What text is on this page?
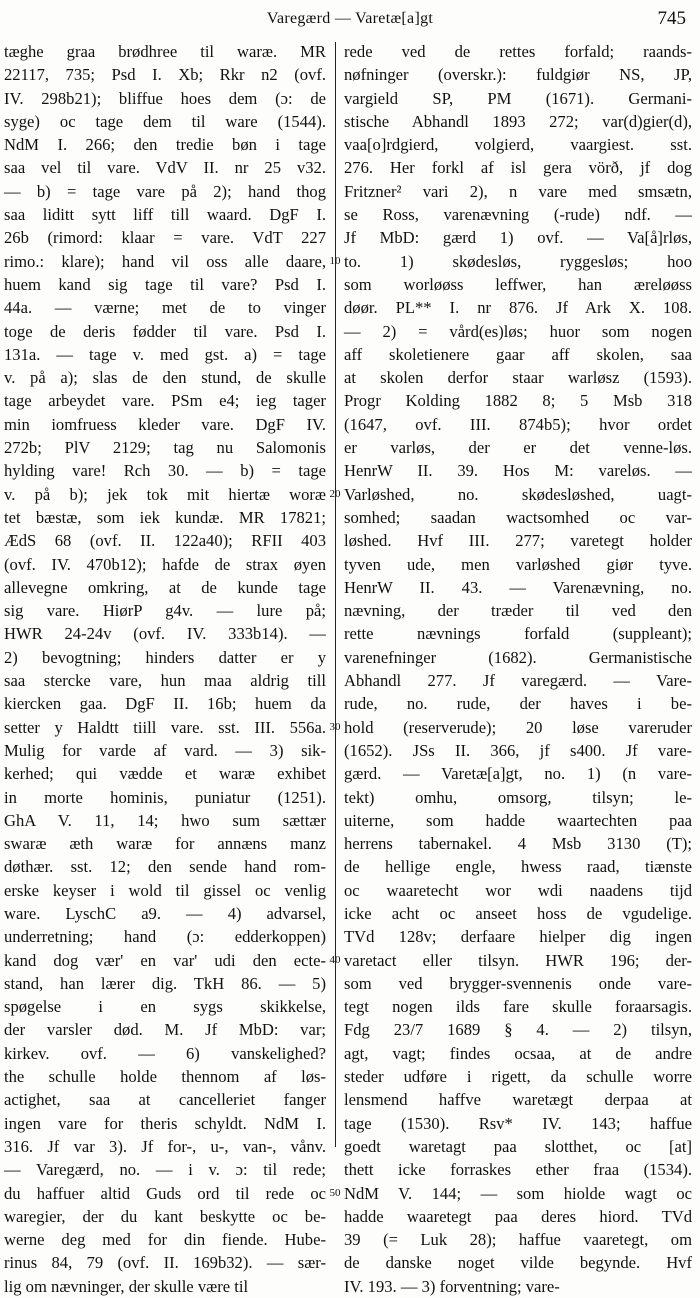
Varegærd — Varetæ[a]gt	745
tæghe graa brødhree til waræ. MR
22117, 735; Psd I. Xb; Rkr n2 (ovf.
IV. 298b21); bliffue hoes dem (ɔ: de
syge) oc tage dem til ware (1544).
NdM I. 266; den tredie bøn i tage
saa vel til vare. VdV II. nr 25 v32.
— b) = tage vare på 2); hand thog
saa liditt sytt liff till waard. DgF I.
26b (rimord: klaar = vare. VdT 227
rimo.: klare); hand vil oss alle daare,
huem kand sig tage til vare? Psd I.
44a. — værne; met de to vinger
toge de deris fødder til vare. Psd I.
131a. — tage v. med gst. a) = tage
v. på a); slas de den stund, de skulle
tage arbeydet vare. PSm e4; ieg tager
min iomfruess kleder vare. DgF IV.
272b; PlV 2129; tag nu Salomonis
hylding vare! Rch 30. — b) = tage
v. på b); jek tok mit hiertæ woræ
tet bæstæ, som iek kundæ. MR 17821;
ÆdS 68 (ovf. II. 122a40); RFII 403
(ovf. IV. 470b12); hafde de strax øyen
allevegne omkring, at de kunde tage
sig vare. HiørP g4v. — lure på;
HWR 24-24v (ovf. IV. 333b14). —
2) bevogtning; hinders datter er y
saa stercke vare, hun maa aldrig till
kiercken gaa. DgF II. 16b; huem da
setter y Haldtt tiill vare. sst. III. 556a.
Mulig for varde af vard. — 3) sik-
kerhed; qui vædde et waræ exhibet
in morte hominis, puniatur (1251).
GhA V. 11, 14; hwo sum sættær
swaræ æth waræ for annæns manz
døthær. sst. 12; den sende hand rom-
erske keyser i wold til gissel oc venlig
ware. LyschC a9. — 4) advarsel,
underretning; hand (ɔ: edderkoppen)
kand dog vær' en var' udi den ecte-
stand, han lærer dig. TkH 86. — 5)
spøgelse i en sygs skikkelse,
der varsler død. M. Jf MbD: var;
kirkev. ovf. — 6) vanskelighed?
the schulle holde thennom af løs-
actighet, saa at cancelleriet fanger
ingen vare for theris schyldt. NdM I.
316. Jf var 3). Jf for-, u-, van-, vånv.
— Varegærd, no. — i v. ɔ: til rede;
du haffuer altid Guds ord til rede oc
waregier, der du kant beskytte oc be-
werne deg med for din fiende. Hube-
rinus 84, 79 (ovf. II. 169b32). — sær-
lig om nævninger, der skulle være til
10
20
30
40
50
rede ved de rettes forfald; raands-
nøfninger (overskr.): fuldgiør NS, JP,
vargield SP, PM (1671). Germani-
stische Abhandl 1893 272; var(d)gier(d),
vaa[o]rdgierd, volgierd, vaargiest. sst.
276. Her forkl af isl gera vörð, jf dog
Fritzner² vari 2), n vare med smsætn,
se Ross, varenævning (-rude) ndf. —
Jf MbD: gærd 1) ovf. — Va[å]rløs,
to. 1) skødesløs, ryggesløs; hoo
som worløøss leffwer, han æreløøss
døør. PL** I. nr 876. Jf Ark X. 108.
— 2) = vård(es)løs; huor som nogen
aff skoletienere gaar aff skolen, saa
at skolen derfor staar warløsz (1593).
Progr Kolding 1882 8; 5 Msb 318
(1647, ovf. III. 874b5); hvor ordet
er varløs, der er det venne-løs.
HenrW II. 39. Hos M: vareløs. —
Varløshed, no. skødesløshed, uagt-
somhed; saadan wactsomhed oc var-
løshed. Hvf III. 277; varetegt holder
tyven ude, men varløshed giør tyve.
HenrW II. 43. — Varenævning, no.
nævning, der træder til ved den
rette nævnings forfald (suppleant);
varenefninger (1682). Germanistische
Abhandl 277. Jf varegærd. — Vare-
rude, no. rude, der haves i be-
hold (reserverude); 20 løse vareruder
(1652). JSs II. 366, jf s400. Jf vare-
gærd. — Varetæ[a]gt, no. 1) (n vare-
tekt) omhu, omsorg, tilsyn; le-
uiterne, som hadde waartechten paa
herrens tabernakel. 4 Msb 3130 (T);
de hellige engle, hwess raad, tiænste
oc waaretecht wor wdi naadens tijd
icke acht oc anseet hoss de vgudelige.
TVd 128v; derfaare hielper dig ingen
varetact eller tilsyn. HWR 196; der-
som ved brygger-svennenis onde vare-
tegt nogen ilds fare skulle foraarsagis.
Fdg 23/7 1689 § 4. — 2) tilsyn,
agt, vagt; findes ocsaa, at de andre
steder udføre i rigett, da schulle worre
lensmend haffve waretægt derpaa at
tage (1530). Rsv* IV. 143; haffue
goedt waretagt paa slotthet, oc [at]
thett icke forraskes ether fraa (1534).
NdM V. 144; — som hiolde wagt oc
hadde waaretegt paa deres hiord. TVd
39 (= Luk 28); haffue vaaretegt, om
de danske noget vilde begynde. Hvf
IV. 193. — 3) forventning; vare-
